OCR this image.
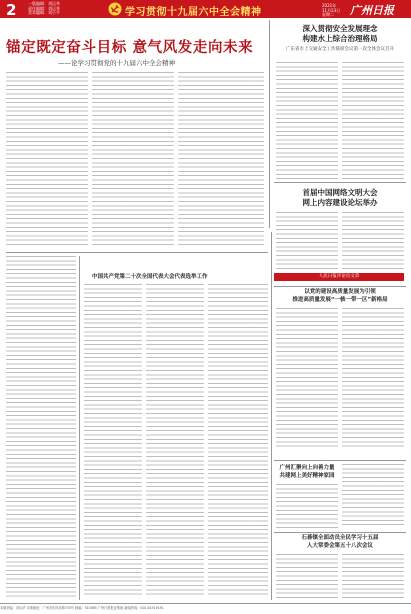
2	一版编辑：刘运华
责任编辑：刘运华
美术编辑：刘小平	学习贯彻十九届六中全会精神
2021年
11月23日
星期二	广州日报
锚定既定奋斗目标 意气风发走向未来
——论学习贯彻党的十九届六中全会精神
中国共产党第二十次全国代表大会代表选举工作
深入贯彻安全发展理念
构建水上综合治理格局
广东省水上交通安全工作联席会议第一次全体会议召开
首届中国网络文明大会
网上内容建设论坛举办
人民日报评论员文章
以党的建设高质量发展为引领
推进高质量发展“一核一带一区”新格局
广州汇聚向上向善力量
共建网上美好精神家园
石碁镇全面动员全民学习十五届
人大常委会第五十八次会议
本版责编：刘运华 本报地址：广州市东风东路733号 邮编：510085 广州日报报业集团 新闻热线：020-81919191
